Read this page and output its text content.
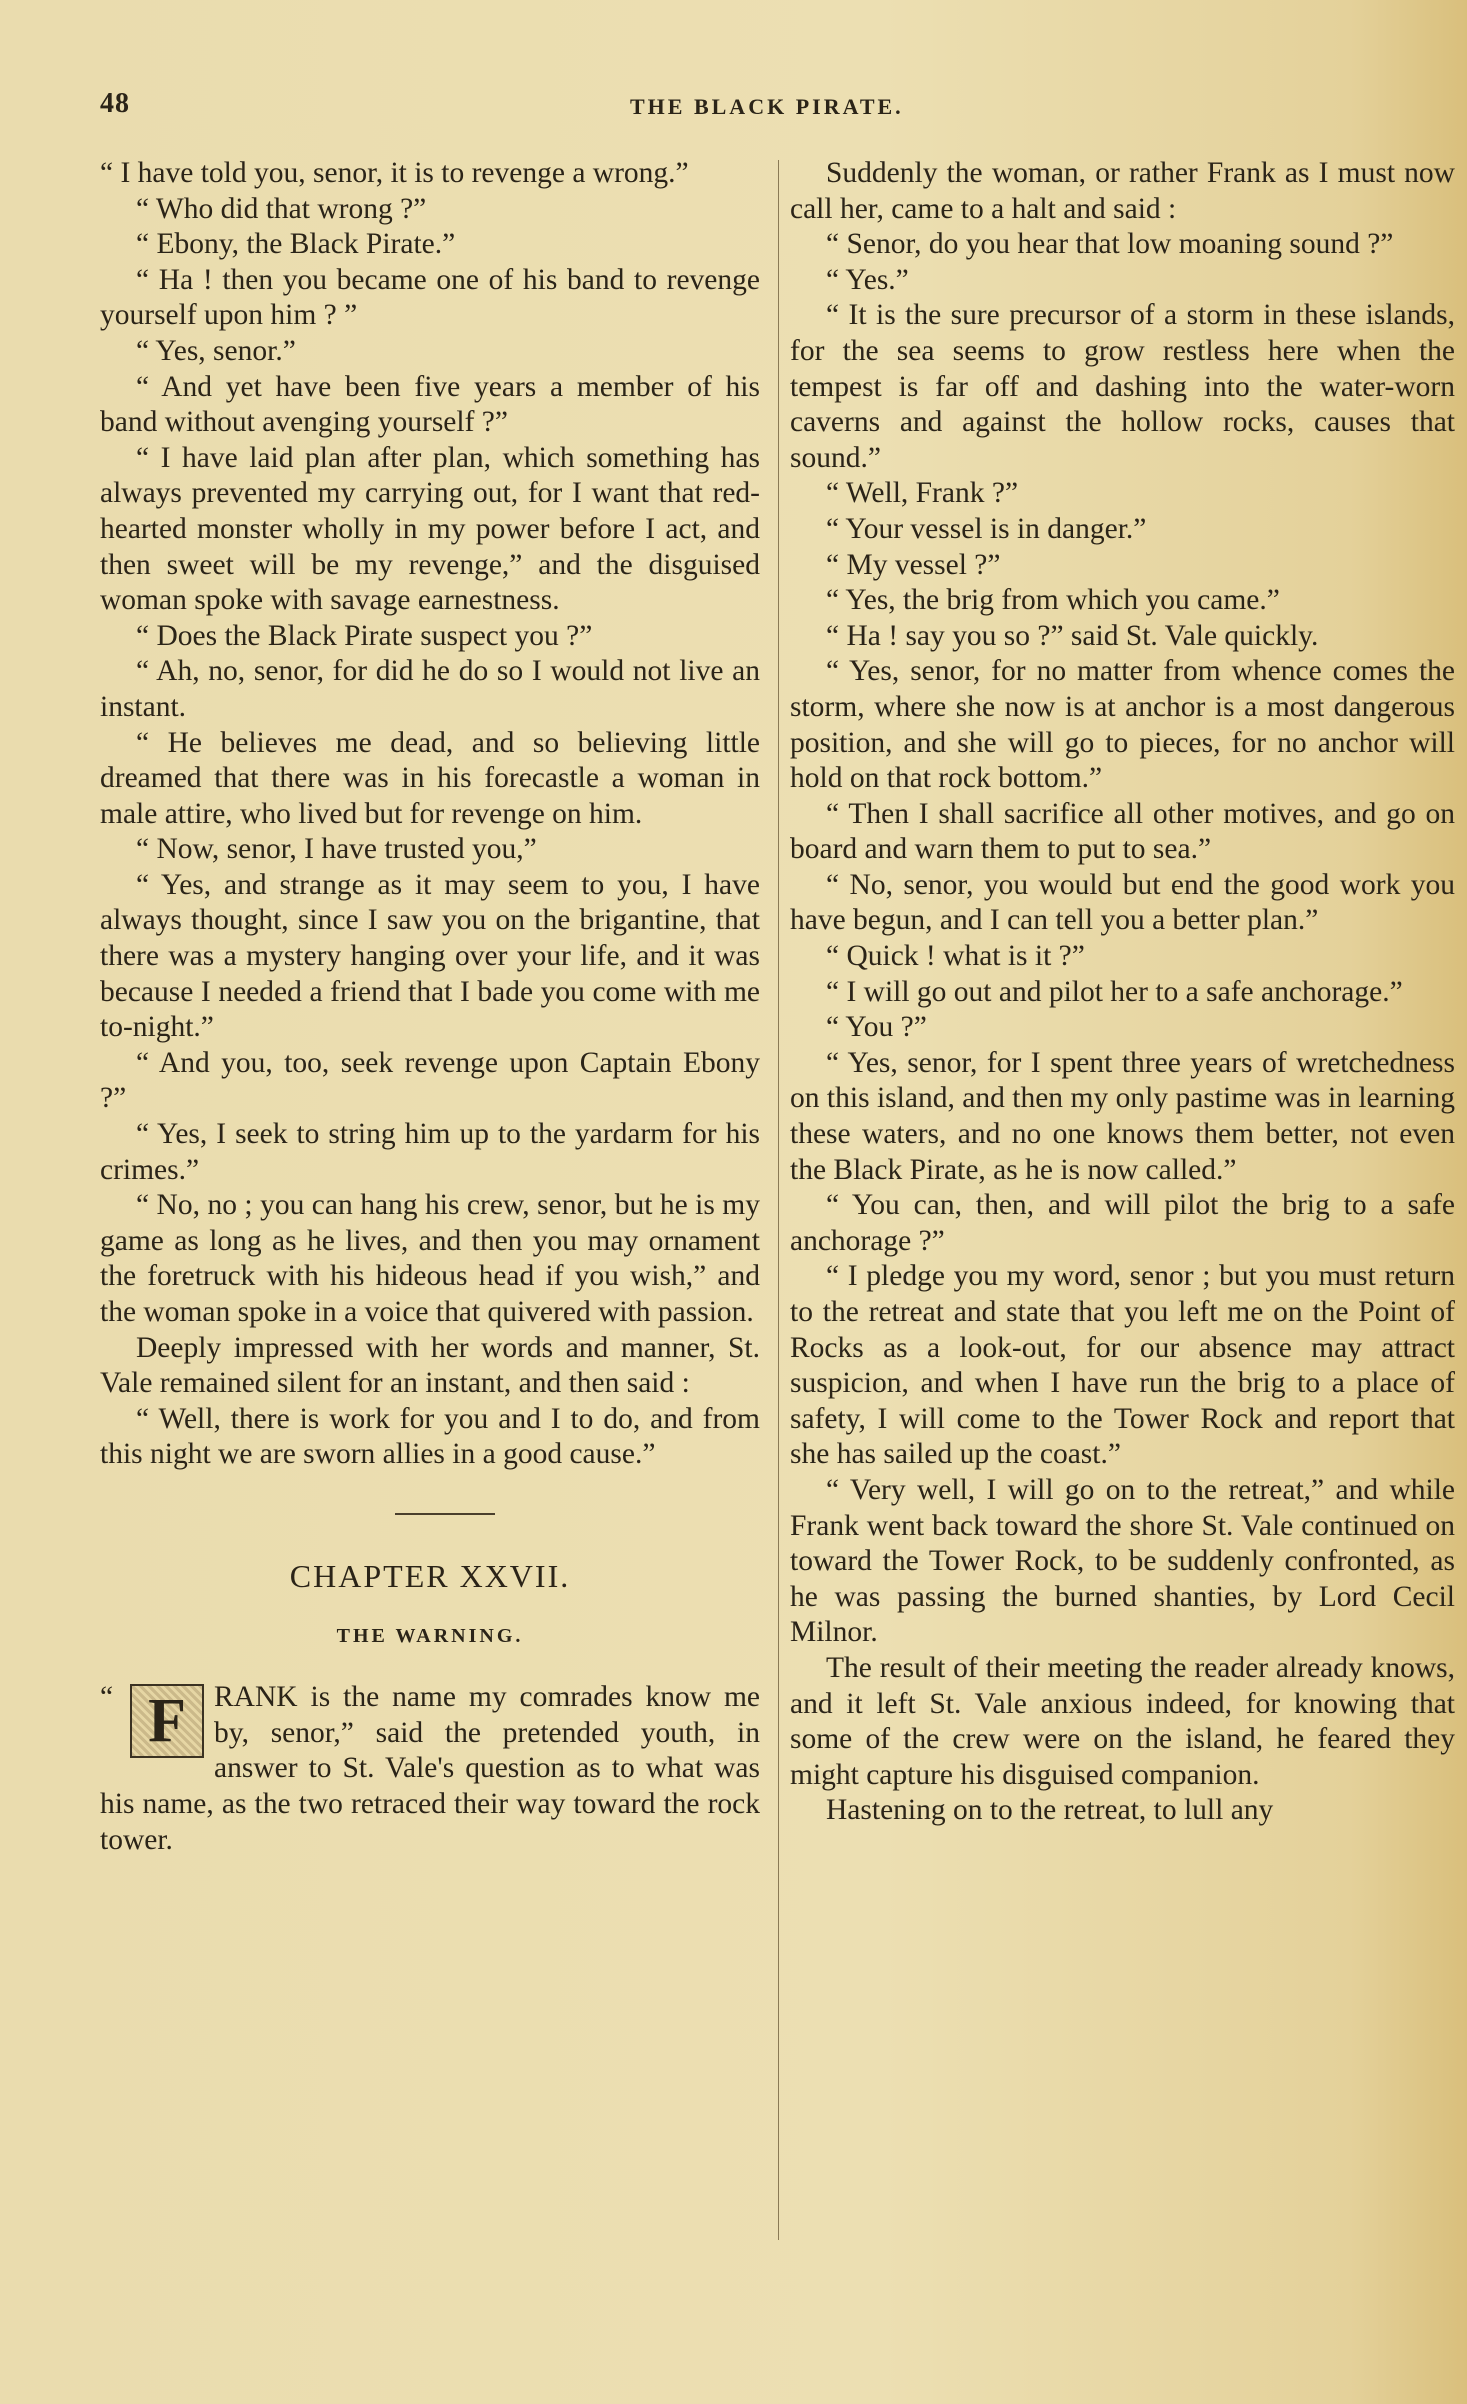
48	THE BLACK PIRATE.

“ I have told you, senor, it is to revenge a wrong.”

“ Who did that wrong ?”

“ Ebony, the Black Pirate.”

“ Ha ! then you became one of his band to revenge yourself upon him ? ”

“ Yes, senor.”

“ And yet have been five years a member of his band without avenging yourself ?”

“ I have laid plan after plan, which something has always prevented my carrying out, for I want that red-hearted monster wholly in my power before I act, and then sweet will be my revenge,” and the disguised woman spoke with savage earnestness.

“ Does the Black Pirate suspect you ?”

“ Ah, no, senor, for did he do so I would not live an instant.

“ He believes me dead, and so believing little dreamed that there was in his forecastle a woman in male attire, who lived but for revenge on him.

“ Now, senor, I have trusted you,”

“ Yes, and strange as it may seem to you, I have always thought, since I saw you on the brigantine, that there was a mystery hanging over your life, and it was because I needed a friend that I bade you come with me to-night.”

“ And you, too, seek revenge upon Captain Ebony ?”

“ Yes, I seek to string him up to the yardarm for his crimes.”

“ No, no ; you can hang his crew, senor, but he is my game as long as he lives, and then you may ornament the foretruck with his hideous head if you wish,” and the woman spoke in a voice that quivered with passion.

Deeply impressed with her words and manner, St. Vale remained silent for an instant, and then said :

“ Well, there is work for you and I to do, and from this night we are sworn allies in a good cause.”

CHAPTER XXVII.
THE WARNING.

“ F RANK is the name my comrades know me by, senor,” said the pretended youth, in answer to St. Vale's question as to what was his name, as the two retraced their way toward the rock tower.

Suddenly the woman, or rather Frank as I must now call her, came to a halt and said :

“ Senor, do you hear that low moaning sound ?”

“ Yes.”

“ It is the sure precursor of a storm in these islands, for the sea seems to grow restless here when the tempest is far off and dashing into the water-worn caverns and against the hollow rocks, causes that sound.”

“ Well, Frank ?”

“ Your vessel is in danger.”

“ My vessel ?”

“ Yes, the brig from which you came.”

“ Ha ! say you so ?” said St. Vale quickly.

“ Yes, senor, for no matter from whence comes the storm, where she now is at anchor is a most dangerous position, and she will go to pieces, for no anchor will hold on that rock bottom.”

“ Then I shall sacrifice all other motives, and go on board and warn them to put to sea.”

“ No, senor, you would but end the good work you have begun, and I can tell you a better plan.”

“ Quick ! what is it ?”

“ I will go out and pilot her to a safe anchorage.”

“ You ?”

“ Yes, senor, for I spent three years of wretchedness on this island, and then my only pastime was in learning these waters, and no one knows them better, not even the Black Pirate, as he is now called.”

“ You can, then, and will pilot the brig to a safe anchorage ?”

“ I pledge you my word, senor ; but you must return to the retreat and state that you left me on the Point of Rocks as a look-out, for our absence may attract suspicion, and when I have run the brig to a place of safety, I will come to the Tower Rock and report that she has sailed up the coast.”

“ Very well, I will go on to the retreat,” and while Frank went back toward the shore St. Vale continued on toward the Tower Rock, to be suddenly confronted, as he was passing the burned shanties, by Lord Cecil Milnor.

The result of their meeting the reader already knows, and it left St. Vale anxious indeed, for knowing that some of the crew were on the island, he feared they might capture his disguised companion.

Hastening on to the retreat, to lull any
